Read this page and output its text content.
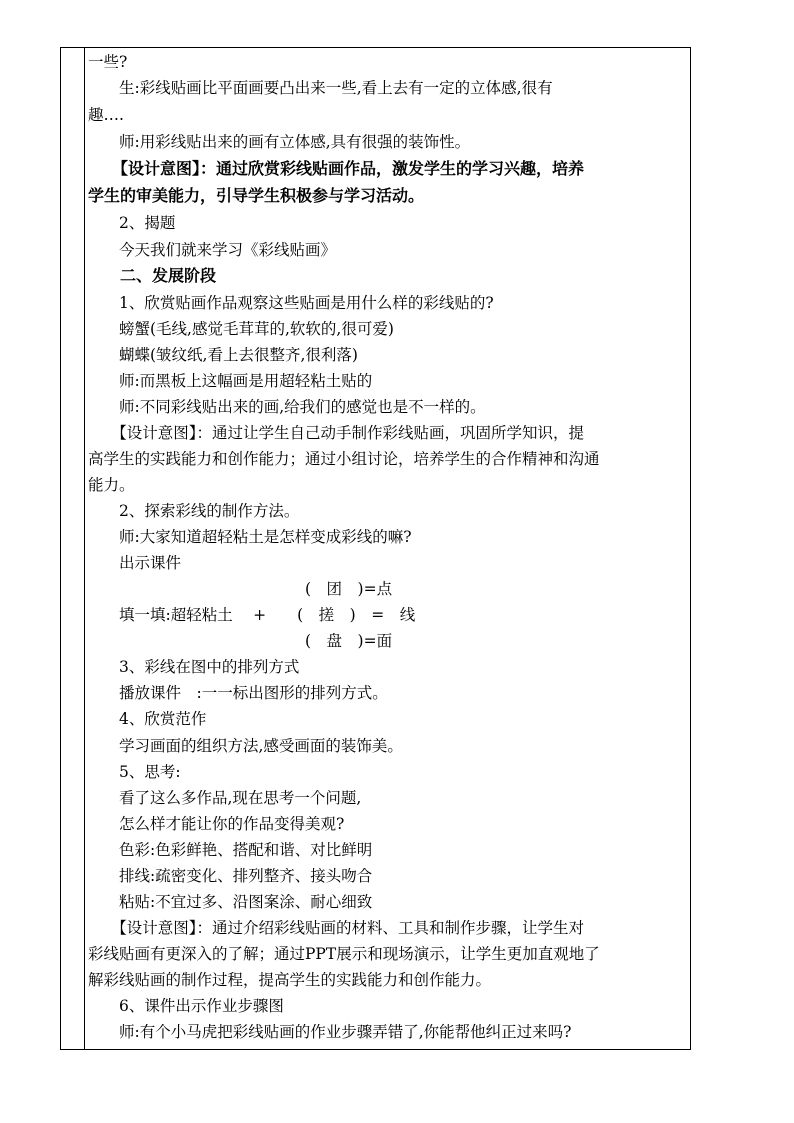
一些?
　　生:彩线贴画比平面画要凸出来一些,看上去有一定的立体感,很有
趣….
　　师:用彩线贴出来的画有立体感,具有很强的装饰性。
　　【设计意图】：通过欣赏彩线贴画作品，激发学生的学习兴趣，培养
学生的审美能力，引导学生积极参与学习活动。
　　2、揭题
　　今天我们就来学习《彩线贴画》
　　二、发展阶段
　　1、欣赏贴画作品观察这些贴画是用什么样的彩线贴的?
　　螃蟹(毛线,感觉毛茸茸的,软软的,很可爱)
　　蝴蝶(皱纹纸,看上去很整齐,很利落)
　　师:而黑板上这幅画是用超轻粘土贴的
　　师:不同彩线贴出来的画,给我们的感觉也是不一样的。
　　【设计意图】：通过让学生自己动手制作彩线贴画，巩固所学知识，提
高学生的实践能力和创作能力；通过小组讨论，培养学生的合作精神和沟通
能力。
　　2、探索彩线的制作方法。
　　师:大家知道超轻粘土是怎样变成彩线的嘛?
　　出示课件
　　　　　　　　　　　　　　(　团　)=点
　　填一填:超轻粘土　 +　　(　搓　)　=　线
　　　　　　　　　　　　　　(　盘　)=面
　　3、彩线在图中的排列方式
　　播放课件　:一一标出图形的排列方式。
　　4、欣赏范作
　　学习画面的组织方法,感受画面的装饰美。
　　5、思考:
　　看了这么多作品,现在思考一个问题,
　　怎么样才能让你的作品变得美观?
　　色彩:色彩鲜艳、搭配和谐、对比鲜明
　　排线:疏密变化、排列整齐、接头吻合
　　粘贴:不宜过多、沿图案涂、耐心细致
　　【设计意图】：通过介绍彩线贴画的材料、工具和制作步骤，让学生对
彩线贴画有更深入的了解；通过PPT展示和现场演示，让学生更加直观地了
解彩线贴画的制作过程，提高学生的实践能力和创作能力。
　　6、课件出示作业步骤图
　　师:有个小马虎把彩线贴画的作业步骤弄错了,你能帮他纠正过来吗?
